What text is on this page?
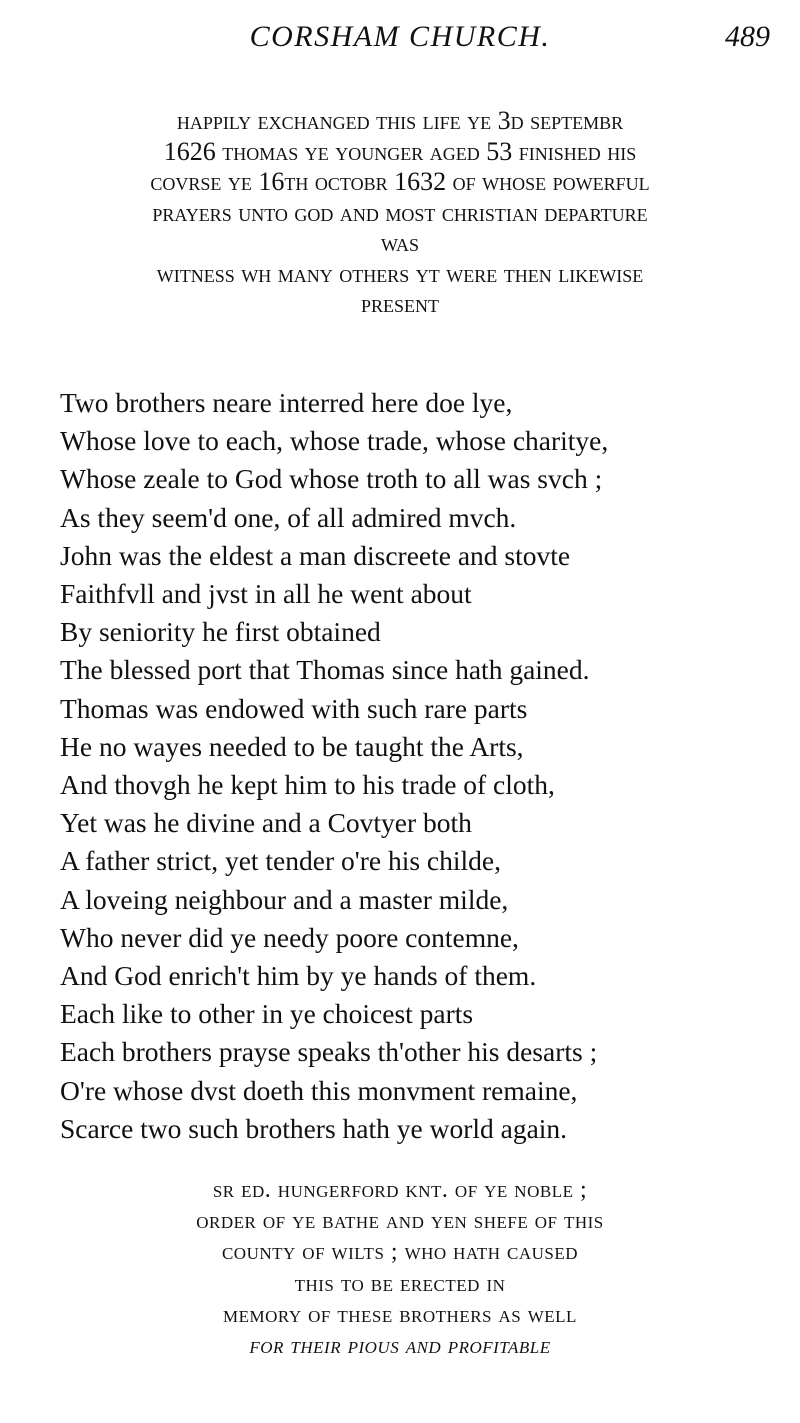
CORSHAM CHURCH.	489
happily exchanged this life ye 3d septembr
1626 thomas ye younger aged 53 finished his
covrse ye 16th octobr 1632 of whose powerful
prayers unto god and most christian departure
was
witness wh many others yt were then likewise
present
Two brothers neare interred here doe lye,
Whose love to each, whose trade, whose charitye,
Whose zeale to God whose troth to all was svch ;
As they seem'd one, of all admired mvch.
John was the eldest a man discreete and stovte
Faithfvll and jvst in all he went about
By seniority he first obtained
The blessed port that Thomas since hath gained.
Thomas was endowed with such rare parts
He no wayes needed to be taught the Arts,
And thovgh he kept him to his trade of cloth,
Yet was he divine and a Covtyer both
A father strict, yet tender o're his childe,
A loveing neighbour and a master milde,
Who never did ye needy poore contemne,
And God enrich't him by ye hands of them.
Each like to other in ye choicest parts
Each brothers prayse speaks th'other his desarts ;
O're whose dvst doeth this monvment remaine,
Scarce two such brothers hath ye world again.
sr ed. hungerford knt. of ye noble ;
order of ye bathe and yen shefe of this
county of wilts ; who hath caused
this to be erected in
memory of these brothers as well
for their pious and profitable
